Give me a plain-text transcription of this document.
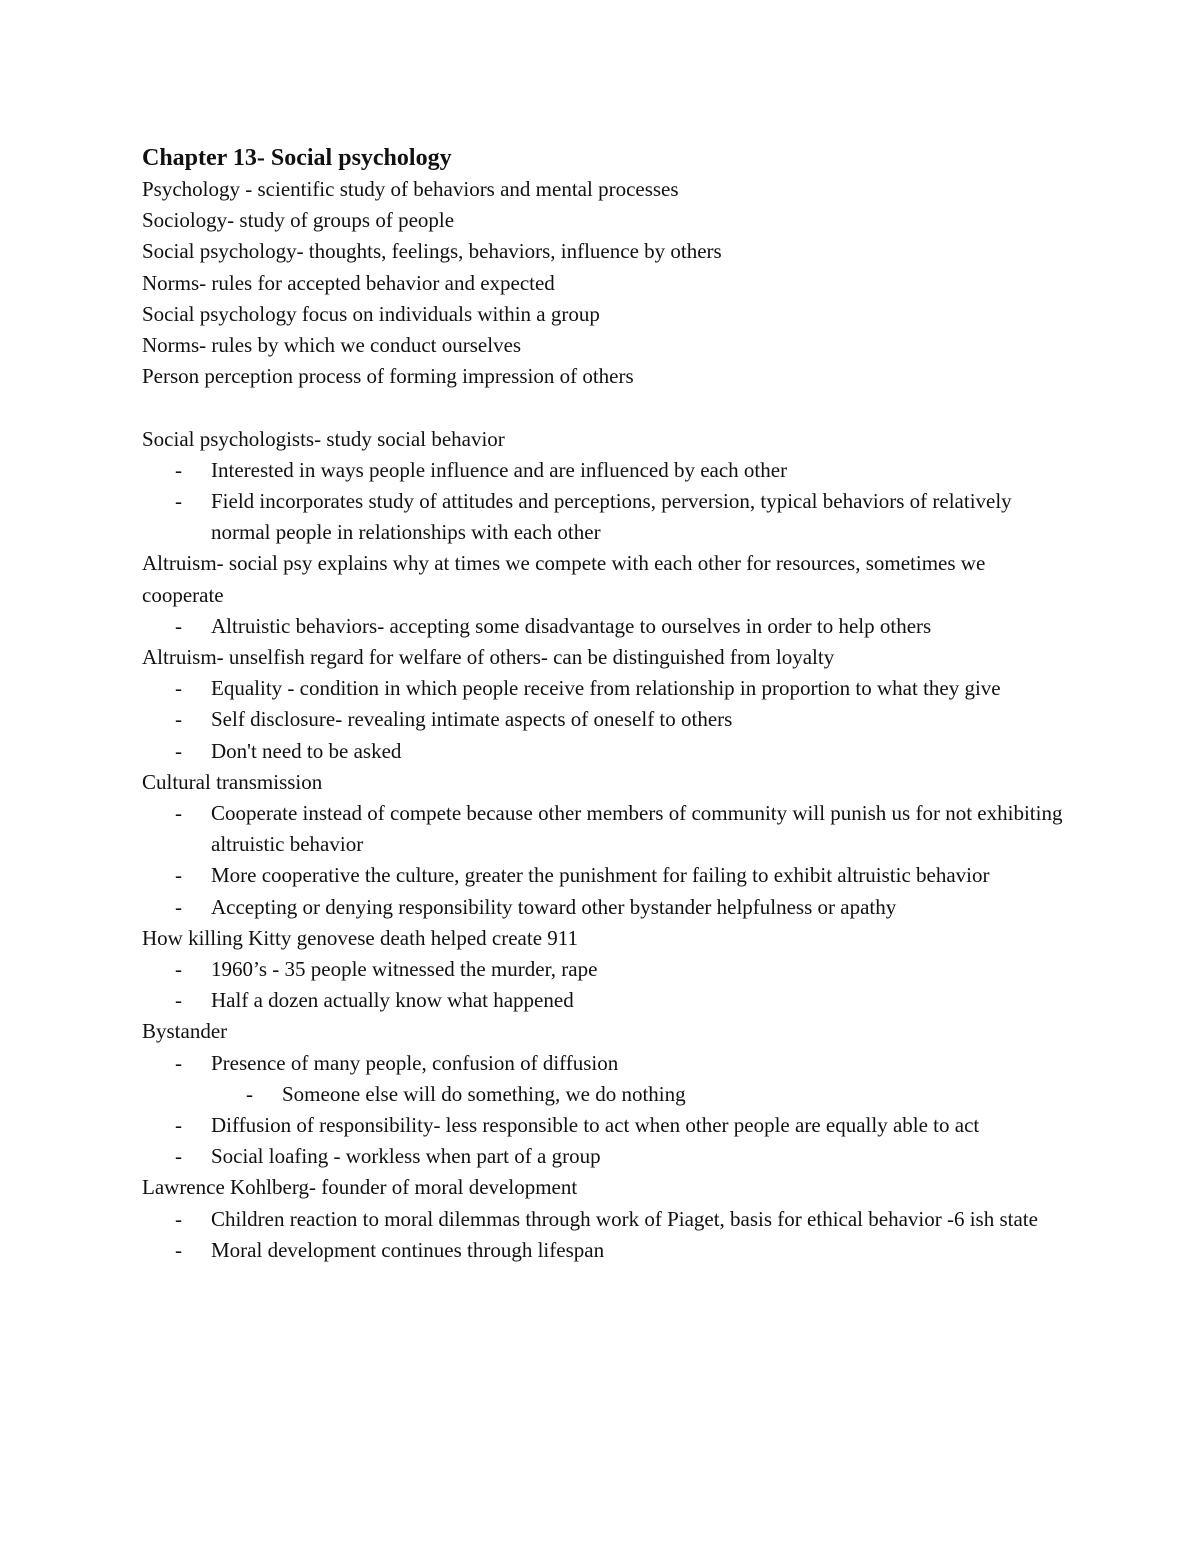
Chapter 13- Social psychology

Psychology - scientific study of behaviors and mental processes

Sociology- study of groups of people

Social psychology- thoughts, feelings, behaviors, influence by others

Norms- rules for accepted behavior and expected

Social psychology focus on individuals within a group

Norms- rules by which we conduct ourselves

Person perception process of forming impression of others

Social psychologists- study social behavior

-	Interested in ways people influence and are influenced by each other
-	Field incorporates study of attitudes and perceptions, perversion, typical behaviors of relatively normal people in relationships with each other

Altruism- social psy explains why at times we compete with each other for resources, sometimes we cooperate

-	Altruistic behaviors- accepting some disadvantage to ourselves in order to help others

Altruism- unselfish regard for welfare of others- can be distinguished from loyalty

-	Equality - condition in which people receive from relationship in proportion to what they give
-	Self disclosure- revealing intimate aspects of oneself to others
-	Don't need to be asked

Cultural transmission

-	Cooperate instead of compete because other members of community will punish us for not exhibiting altruistic behavior
-	More cooperative the culture, greater the punishment for failing to exhibit altruistic behavior
-	Accepting or denying responsibility toward other bystander helpfulness or apathy

How killing Kitty genovese death helped create 911

-	1960’s - 35 people witnessed the murder, rape
-	Half a dozen actually know what happened

Bystander

-	Presence of many people, confusion of diffusion
-	Someone else will do something, we do nothing
-	Diffusion of responsibility- less responsible to act when other people are equally able to act
-	Social loafing - workless when part of a group

Lawrence Kohlberg- founder of moral development

-	Children reaction to moral dilemmas through work of Piaget, basis for ethical behavior -6 ish state
-	Moral development continues through lifespan
